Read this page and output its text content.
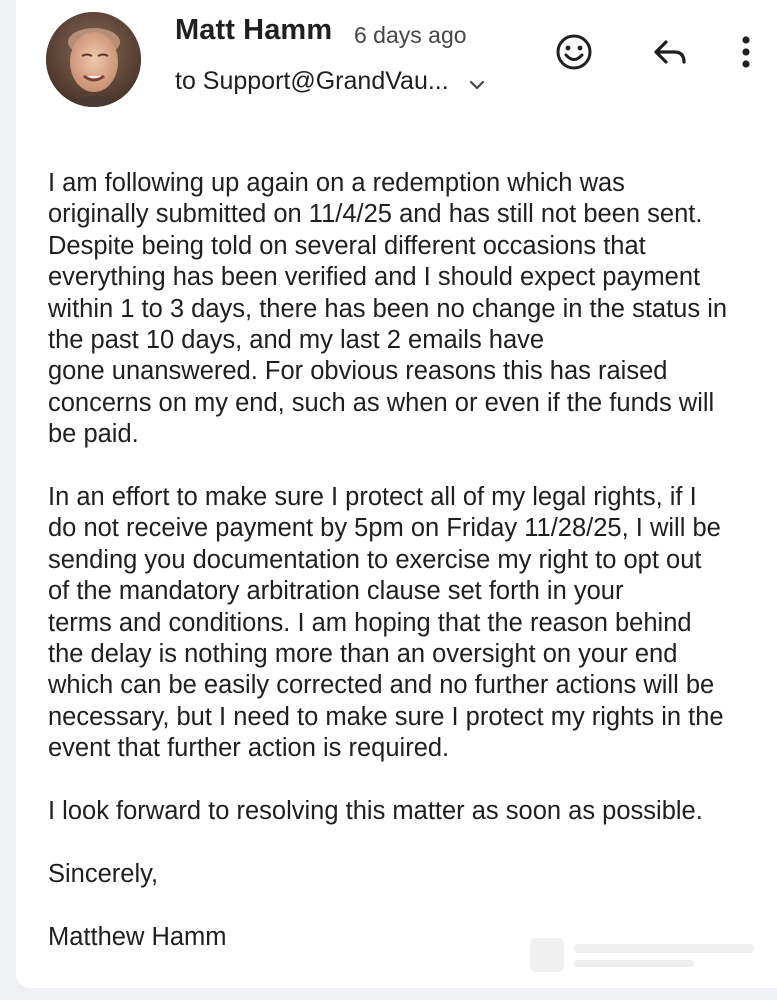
Matt Hamm 6 days ago
to Support@GrandVau...

I am following up again on a redemption which was
originally submitted on 11/4/25 and has still not been sent.
Despite being told on several different occasions that
everything has been verified and I should expect payment
within 1 to 3 days, there has been no change in the status in
the past 10 days, and my last 2 emails have
gone unanswered. For obvious reasons this has raised
concerns on my end, such as when or even if the funds will
be paid.

In an effort to make sure I protect all of my legal rights, if I
do not receive payment by 5pm on Friday 11/28/25, I will be
sending you documentation to exercise my right to opt out
of the mandatory arbitration clause set forth in your
terms and conditions. I am hoping that the reason behind
the delay is nothing more than an oversight on your end
which can be easily corrected and no further actions will be
necessary, but I need to make sure I protect my rights in the
event that further action is required.

I look forward to resolving this matter as soon as possible.

Sincerely,

Matthew Hamm
